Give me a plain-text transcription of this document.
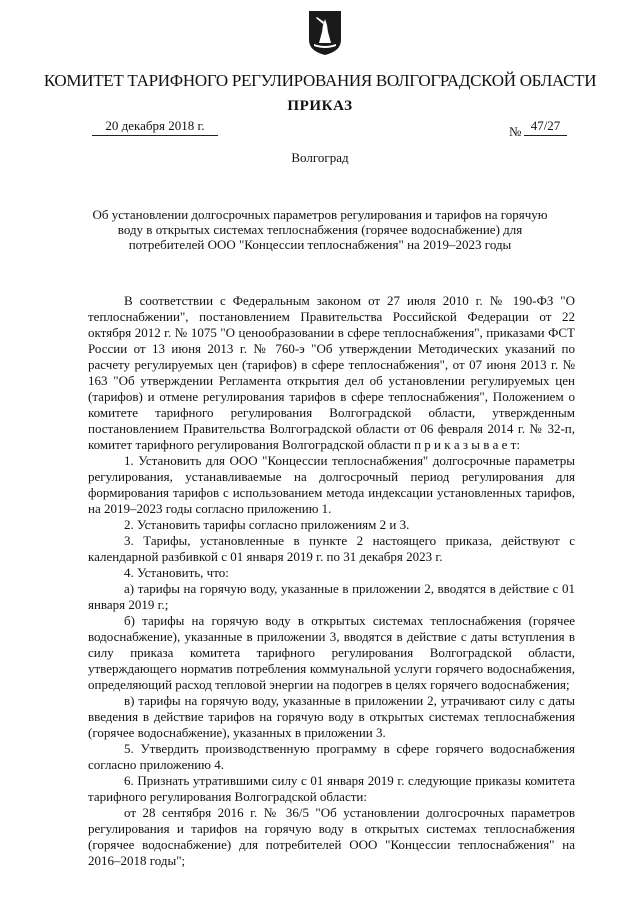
КОМИТЕТ ТАРИФНОГО РЕГУЛИРОВАНИЯ ВОЛГОГРАДСКОЙ ОБЛАСТИ
ПРИКАЗ
20 декабря 2018 г.	№ 47/27
Волгоград
Об установлении долгосрочных параметров регулирования и тарифов на горячую воду в открытых системах теплоснабжения (горячее водоснабжение) для потребителей ООО "Концессии теплоснабжения" на 2019–2023 годы

В соответствии с Федеральным законом от 27 июля 2010 г. № 190-ФЗ "О теплоснабжении", постановлением Правительства Российской Федерации от 22 октября 2012 г. № 1075 "О ценообразовании в сфере теплоснабжения", приказами ФСТ России от 13 июня 2013 г. № 760-э "Об утверждении Методических указаний по расчету регулируемых цен (тарифов) в сфере теплоснабжения", от 07 июня 2013 г. № 163 "Об утверждении Регламента открытия дел об установлении регулируемых цен (тарифов) и отмене регулирования тарифов в сфере теплоснабжения", Положением о комитете тарифного регулирования Волгоградской области, утвержденным постановлением Правительства Волгоградской области от 06 февраля 2014 г. № 32-п, комитет тарифного регулирования Волгоградской области п р и к а з ы в а е т:

1. Установить для ООО "Концессии теплоснабжения" долгосрочные параметры регулирования, устанавливаемые на долгосрочный период регулирования для формирования тарифов с использованием метода индексации установленных тарифов, на 2019–2023 годы согласно приложению 1.

2. Установить тарифы согласно приложениям 2 и 3.

3. Тарифы, установленные в пункте 2 настоящего приказа, действуют с календарной разбивкой с 01 января 2019 г. по 31 декабря 2023 г.

4. Установить, что:

а) тарифы на горячую воду, указанные в приложении 2, вводятся в действие с 01 января 2019 г.;

б) тарифы на горячую воду в открытых системах теплоснабжения (горячее водоснабжение), указанные в приложении 3, вводятся в действие с даты вступления в силу приказа комитета тарифного регулирования Волгоградской области, утверждающего норматив потребления коммунальной услуги горячего водоснабжения, определяющий расход тепловой энергии на подогрев в целях горячего водоснабжения;

в) тарифы на горячую воду, указанные в приложении 2, утрачивают силу с даты введения в действие тарифов на горячую воду в открытых системах теплоснабжения (горячее водоснабжение), указанных в приложении 3.

5. Утвердить производственную программу в сфере горячего водоснабжения согласно приложению 4.

6. Признать утратившими силу с 01 января 2019 г. следующие приказы комитета тарифного регулирования Волгоградской области:

от 28 сентября 2016 г. № 36/5 "Об установлении долгосрочных параметров регулирования и тарифов на горячую воду в открытых системах теплоснабжения (горячее водоснабжение) для потребителей ООО "Концессии теплоснабжения" на 2016–2018 годы";
